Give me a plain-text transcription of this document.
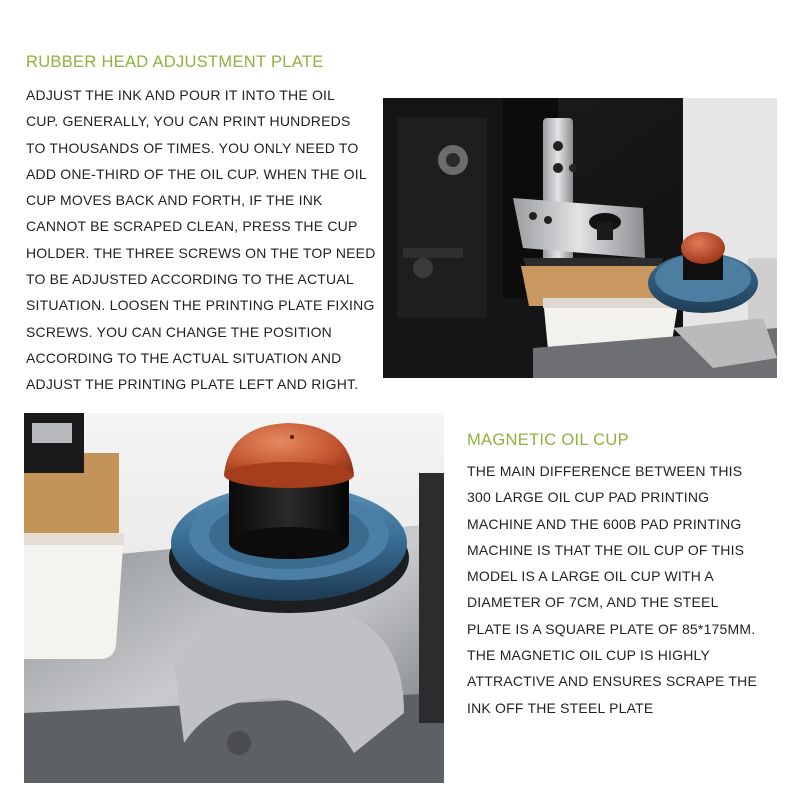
RUBBER HEAD ADJUSTMENT PLATE
ADJUST THE INK AND POUR IT INTO THE OIL
CUP. GENERALLY, YOU CAN PRINT HUNDREDS
TO THOUSANDS OF TIMES. YOU ONLY NEED TO
ADD ONE-THIRD OF THE OIL CUP. WHEN THE OIL
CUP MOVES BACK AND FORTH, IF THE INK
CANNOT BE SCRAPED CLEAN, PRESS THE CUP
HOLDER. THE THREE SCREWS ON THE TOP NEED
TO BE ADJUSTED ACCORDING TO THE ACTUAL
SITUATION. LOOSEN THE PRINTING PLATE FIXING
SCREWS. YOU CAN CHANGE THE POSITION
ACCORDING TO THE ACTUAL SITUATION AND
ADJUST THE PRINTING PLATE LEFT AND RIGHT.
MAGNETIC OIL CUP
THE MAIN DIFFERENCE BETWEEN THIS
300 LARGE OIL CUP PAD PRINTING
MACHINE AND THE 600B PAD PRINTING
MACHINE IS THAT THE OIL CUP OF THIS
MODEL IS A LARGE OIL CUP WITH A
DIAMETER OF 7CM, AND THE STEEL
PLATE IS A SQUARE PLATE OF 85*175MM.
THE MAGNETIC OIL CUP IS HIGHLY
ATTRACTIVE AND ENSURES SCRAPE THE
INK OFF THE STEEL PLATE
